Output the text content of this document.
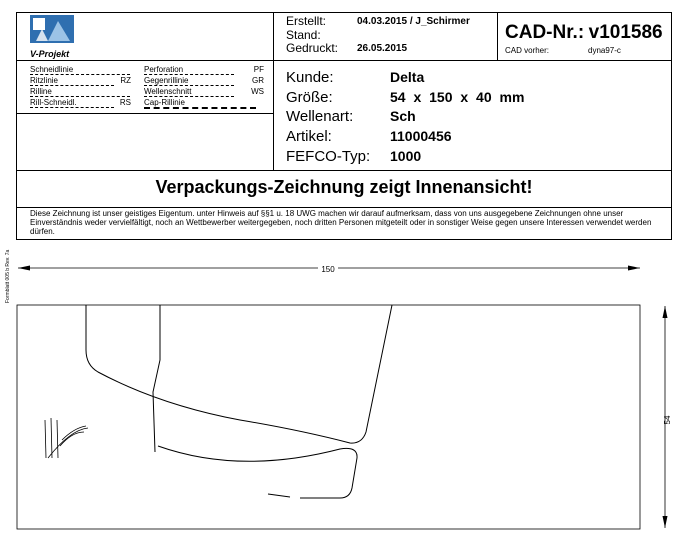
Formblatt 005 b Rev. 7a
V-Projekt
Erstellt:	04.03.2015 / J_Schirmer
Stand:
Gedruckt: 26.05.2015
CAD-Nr.: v101586
CAD vorher:	dyna97-c
Schneidlinie	Perforation	PF
Ritzlinie	RZ Gegenrillinie	GR
Rilline	Wellenschnitt	WS
Rill-Schneidl.	RS Cap-Rillinie
Kunde:	Delta
Größe:	54 x 150 x 40 mm
Wellenart:	Sch
Artikel:	11000456
FEFCO-Typ: 1000
Verpackungs-Zeichnung zeigt Innenansicht!
Diese Zeichnung ist unser geistiges Eigentum. unter Hinweis auf §§1 u. 18 UWG machen wir darauf aufmerksam, dass von uns ausgegebene Zeichnungen ohne unser Einverständnis weder vervielfältigt, noch an Wettbewerber weitergegeben, noch dritten Personen mitgeteilt oder in sonstiger Weise gegen unsere Interessen verwendet werden dürfen.
150
54
